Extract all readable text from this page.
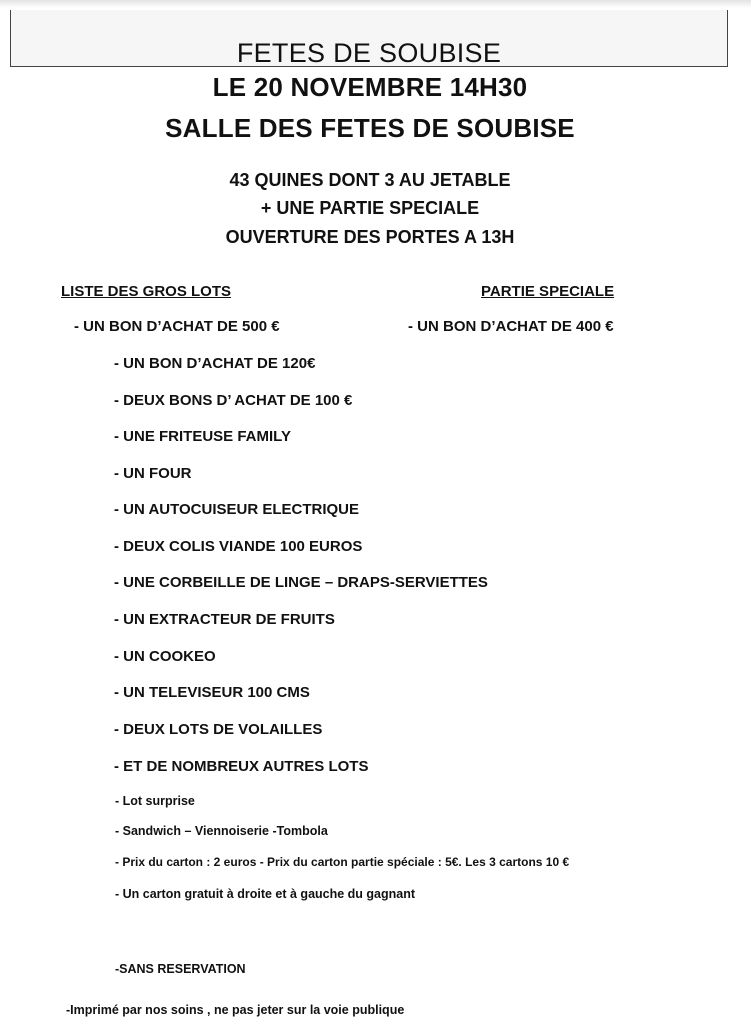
FETES DE SOUBISE
LE 20 NOVEMBRE 14H30
SALLE DES FETES DE SOUBISE
43 QUINES DONT 3 AU JETABLE
+ UNE PARTIE SPECIALE
OUVERTURE DES PORTES A 13H
LISTE DES GROS LOTS	PARTIE SPECIALE
- UN BON D’ACHAT DE 500 €	- UN BON D’ACHAT DE 400 €
- UN BON D’ACHAT DE 120€
- DEUX BONS D’ ACHAT DE 100 €
- UNE FRITEUSE FAMILY
- UN FOUR
- UN AUTOCUISEUR ELECTRIQUE
- DEUX COLIS VIANDE 100 EUROS
- UNE CORBEILLE DE LINGE – DRAPS-SERVIETTES
- UN EXTRACTEUR DE FRUITS
- UN COOKEO
- UN TELEVISEUR 100 CMS
- DEUX LOTS DE VOLAILLES
- ET DE NOMBREUX AUTRES LOTS
- Lot surprise
- Sandwich – Viennoiserie -Tombola
- Prix du carton : 2 euros - Prix du carton partie spéciale : 5€. Les 3 cartons 10 €
- Un carton gratuit à droite et à gauche du gagnant
-SANS RESERVATION
-Imprimé par nos soins , ne pas jeter sur la voie publique
